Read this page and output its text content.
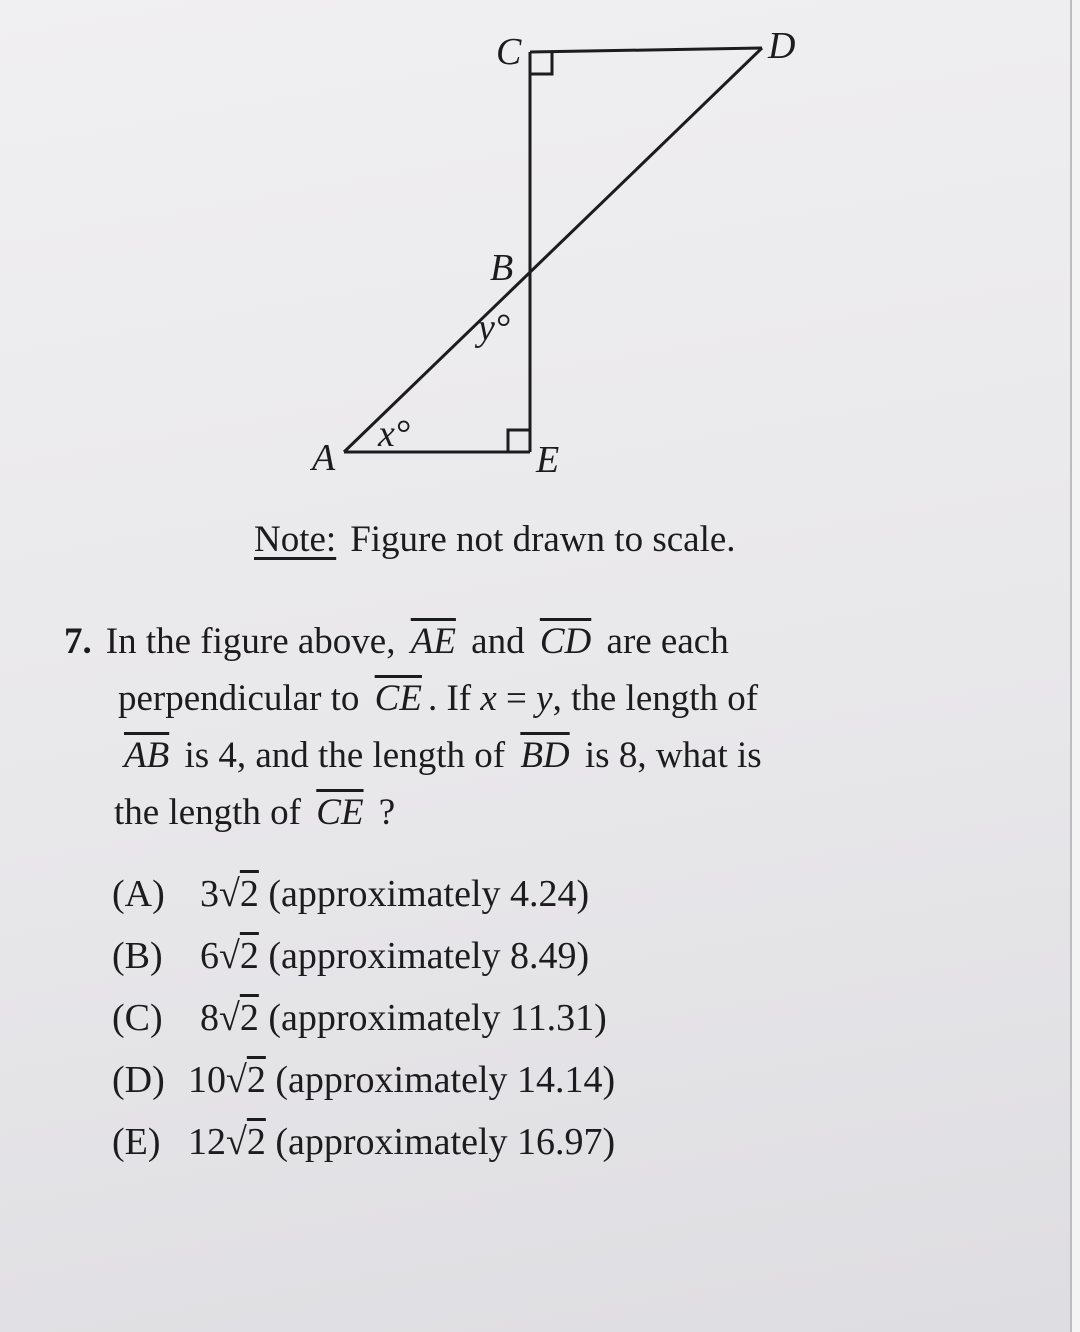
C	D
B
y°
x°
A	E
Note: Figure not drawn to scale.
7. In the figure above, $\overline{AE}$ and $\overline{CD}$ are each
perpendicular to $\overline{CE}$ . If x = y, the length of
$\overline{AB}$ is 4, and the length of $\overline{BD}$ is 8, what is
the length of $\overline{CE}$ ?
(A) 3√2 (approximately 4.24)
(B) 6√2 (approximately 8.49)
(C) 8√2 (approximately 11.31)
(D) 10√2 (approximately 14.14)
(E) 12√2 (approximately 16.97)
